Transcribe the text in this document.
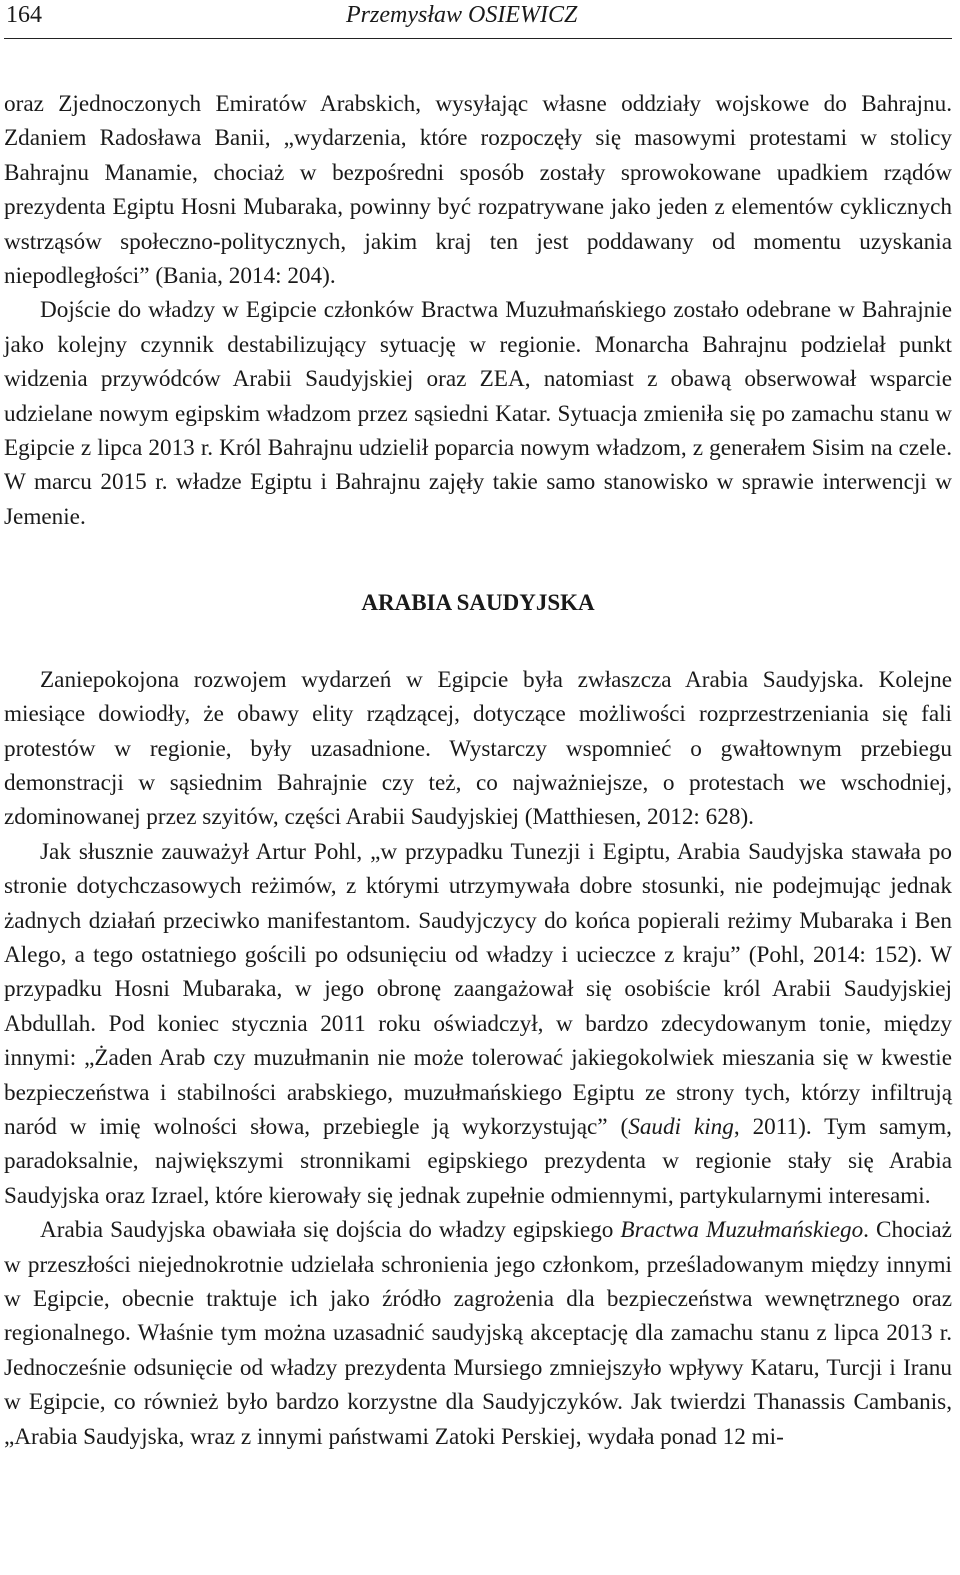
164	Przemysław OSIEWICZ

oraz Zjednoczonych Emiratów Arabskich, wysyłając własne oddziały wojskowe do Bahrajnu. Zdaniem Radosława Banii, „wydarzenia, które rozpoczęły się masowymi protestami w stolicy Bahrajnu Manamie, chociaż w bezpośredni sposób zostały sprowokowane upadkiem rządów prezydenta Egiptu Hosni Mubaraka, powinny być rozpatrywane jako jeden z elementów cyklicznych wstrząsów społeczno-politycznych, jakim kraj ten jest poddawany od momentu uzyskania niepodległości” (Bania, 2014: 204).

Dojście do władzy w Egipcie członków Bractwa Muzułmańskiego zostało odebrane w Bahrajnie jako kolejny czynnik destabilizujący sytuację w regionie. Monarcha Bahrajnu podzielał punkt widzenia przywódców Arabii Saudyjskiej oraz ZEA, natomiast z obawą obserwował wsparcie udzielane nowym egipskim władzom przez sąsiedni Katar. Sytuacja zmieniła się po zamachu stanu w Egipcie z lipca 2013 r. Król Bahrajnu udzielił poparcia nowym władzom, z generałem Sisim na czele. W marcu 2015 r. władze Egiptu i Bahrajnu zajęły takie samo stanowisko w sprawie interwencji w Jemenie.

ARABIA SAUDYJSKA

Zaniepokojona rozwojem wydarzeń w Egipcie była zwłaszcza Arabia Saudyjska. Kolejne miesiące dowiodły, że obawy elity rządzącej, dotyczące możliwości rozprzestrzeniania się fali protestów w regionie, były uzasadnione. Wystarczy wspomnieć o gwałtownym przebiegu demonstracji w sąsiednim Bahrajnie czy też, co najważniejsze, o protestach we wschodniej, zdominowanej przez szyitów, części Arabii Saudyjskiej (Matthiesen, 2012: 628).

Jak słusznie zauważył Artur Pohl, „w przypadku Tunezji i Egiptu, Arabia Saudyjska stawała po stronie dotychczasowych reżimów, z którymi utrzymywała dobre stosunki, nie podejmując jednak żadnych działań przeciwko manifestantom. Saudyjczycy do końca popierali reżimy Mubaraka i Ben Alego, a tego ostatniego gościli po odsunięciu od władzy i ucieczce z kraju” (Pohl, 2014: 152). W przypadku Hosni Mubaraka, w jego obronę zaangażował się osobiście król Arabii Saudyjskiej Abdullah. Pod koniec stycznia 2011 roku oświadczył, w bardzo zdecydowanym tonie, między innymi: „Żaden Arab czy muzułmanin nie może tolerować jakiegokolwiek mieszania się w kwestie bezpieczeństwa i stabilności arabskiego, muzułmańskiego Egiptu ze strony tych, którzy infiltrują naród w imię wolności słowa, przebiegle ją wykorzystując” (Saudi king, 2011). Tym samym, paradoksalnie, największymi stronnikami egipskiego prezydenta w regionie stały się Arabia Saudyjska oraz Izrael, które kierowały się jednak zupełnie odmiennymi, partykularnymi interesami.

Arabia Saudyjska obawiała się dojścia do władzy egipskiego Bractwa Muzułmańskiego. Chociaż w przeszłości niejednokrotnie udzielała schronienia jego członkom, prześladowanym między innymi w Egipcie, obecnie traktuje ich jako źródło zagrożenia dla bezpieczeństwa wewnętrznego oraz regionalnego. Właśnie tym można uzasadnić saudyjską akceptację dla zamachu stanu z lipca 2013 r. Jednocześnie odsunięcie od władzy prezydenta Mursiego zmniejszyło wpływy Kataru, Turcji i Iranu w Egipcie, co również było bardzo korzystne dla Saudyjczyków. Jak twierdzi Thanassis Cambanis, „Arabia Saudyjska, wraz z innymi państwami Zatoki Perskiej, wydała ponad 12 mi-
